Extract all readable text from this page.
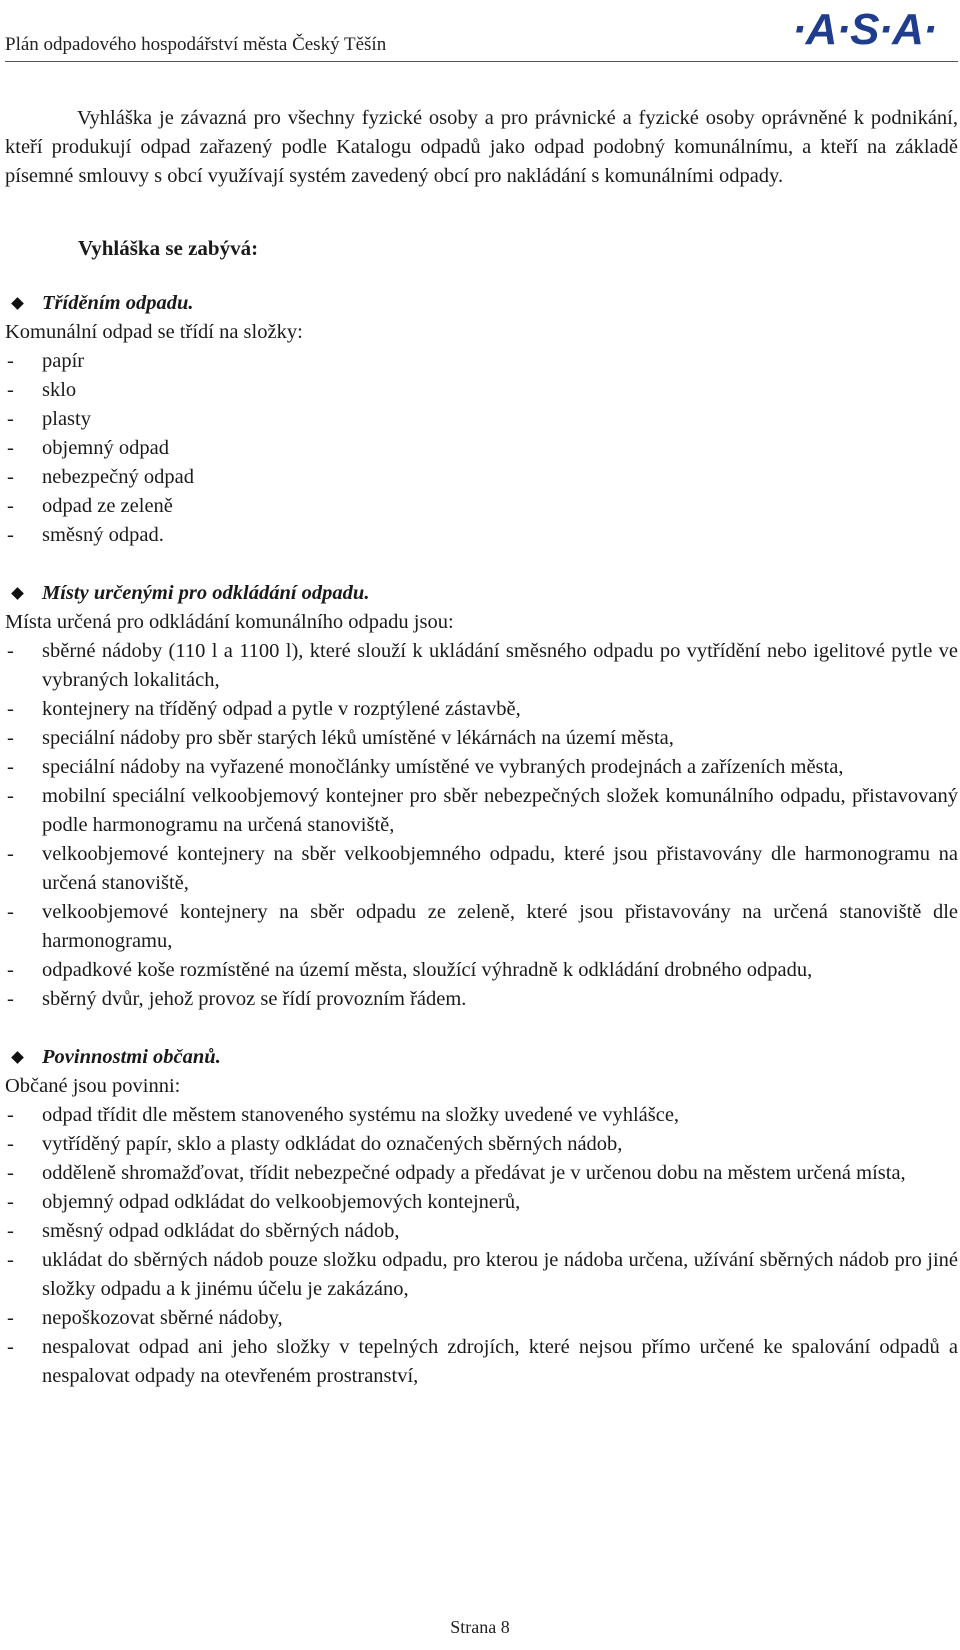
Plán odpadového hospodářství města Český Těšín	·A·S·A·

Vyhláška je závazná pro všechny fyzické osoby a pro právnické a fyzické osoby oprávněné k podnikání, kteří produkují odpad zařazený podle Katalogu odpadů jako odpad podobný komunálnímu, a kteří na základě písemné smlouvy s obcí využívají systém zavedený obcí pro nakládání s komunálními odpady.

Vyhláška se zabývá:

Tříděním odpadu.

Komunální odpad se třídí na složky:

- papír
- sklo
- plasty
- objemný odpad
- nebezpečný odpad
- odpad ze zeleně
- směsný odpad.
Místy určenými pro odkládání odpadu.

Místa určená pro odkládání komunálního odpadu jsou:

- sběrné nádoby (110 l a 1100 l), které slouží k ukládání směsného odpadu po vytřídění nebo igelitové pytle ve vybraných lokalitách,
- kontejnery na tříděný odpad a pytle v rozptýlené zástavbě,
- speciální nádoby pro sběr starých léků umístěné v lékárnách na území města,
- speciální nádoby na vyřazené monočlánky umístěné ve vybraných prodejnách a zařízeních města,
- mobilní speciální velkoobjemový kontejner pro sběr nebezpečných složek komunálního odpadu, přistavovaný podle harmonogramu na určená stanoviště,
- velkoobjemové kontejnery na sběr velkoobjemného odpadu, které jsou přistavovány dle harmonogramu na určená stanoviště,
- velkoobjemové kontejnery na sběr odpadu ze zeleně, které jsou přistavovány na určená stanoviště dle harmonogramu,
- odpadkové koše rozmístěné na území města, sloužící výhradně k odkládání drobného odpadu,
- sběrný dvůr, jehož provoz se řídí provozním řádem.
Povinnostmi občanů.

Občané jsou povinni:

- odpad třídit dle městem stanoveného systému na složky uvedené ve vyhlášce,
- vytříděný papír, sklo a plasty odkládat do označených sběrných nádob,
- odděleně shromažďovat, třídit nebezpečné odpady a předávat je v určenou dobu na městem určená místa,
- objemný odpad odkládat do velkoobjemových kontejnerů,
- směsný odpad odkládat do sběrných nádob,
- ukládat do sběrných nádob pouze složku odpadu, pro kterou je nádoba určena, užívání sběrných nádob pro jiné složky odpadu a k jinému účelu je zakázáno,
- nepoškozovat sběrné nádoby,
- nespalovat odpad ani jeho složky v tepelných zdrojích, které nejsou přímo určené ke spalování odpadů a nespalovat odpady na otevřeném prostranství,
Strana 8
